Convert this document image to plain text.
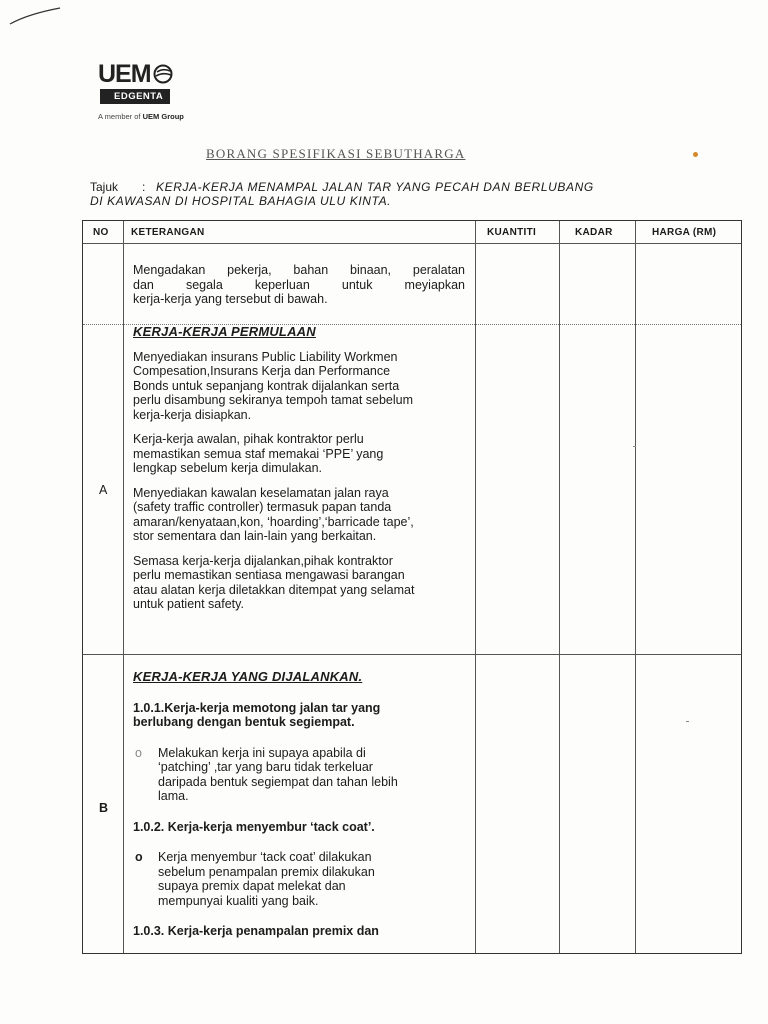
UEM
EDGENTA
A member of UEM Group
BORANG SPESIFIKASI SEBUTHARGA
Tajuk	: KERJA-KERJA MENAMPAL JALAN TAR YANG PECAH DAN BERLUBANG
DI KAWASAN DI HOSPITAL BAHAGIA ULU KINTA.
NO KETERANGAN	KUANTITI	KADAR	HARGA (RM)
Mengadakan pekerja, bahan binaan, peralatan
dan segala keperluan untuk meyiapkan
kerja-kerja yang tersebut di bawah.
A
KERJA-KERJA PERMULAAN
Menyediakan insurans Public Liability Workmen Compesation,Insurans Kerja dan Performance Bonds untuk sepanjang kontrak dijalankan serta perlu disambung sekiranya tempoh tamat sebelum kerja-kerja disiapkan.
Kerja-kerja awalan, pihak kontraktor perlu memastikan semua staf memakai ‘PPE’ yang lengkap sebelum kerja dimulakan.
Menyediakan kawalan keselamatan jalan raya (safety traffic controller) termasuk papan tanda amaran/kenyataan,kon, ‘hoarding’,‘barricade tape’, stor sementara dan lain-lain yang berkaitan.
Semasa kerja-kerja dijalankan,pihak kontraktor perlu memastikan sentiasa mengawasi barangan atau alatan kerja diletakkan ditempat yang selamat untuk patient safety.
B
KERJA-KERJA YANG DIJALANKAN.
1.0.1.Kerja-kerja memotong jalan tar yang berlubang dengan bentuk segiempat.
o	Melakukan kerja ini supaya apabila di ‘patching’ ,tar yang baru tidak terkeluar daripada bentuk segiempat dan tahan lebih lama.
1.0.2. Kerja-kerja menyembur ‘tack coat’.
o	Kerja menyembur ‘tack coat’ dilakukan sebelum penampalan premix dilakukan supaya premix dapat melekat dan mempunyai kualiti yang baik.
1.0.3. Kerja-kerja penampalan premix dan
